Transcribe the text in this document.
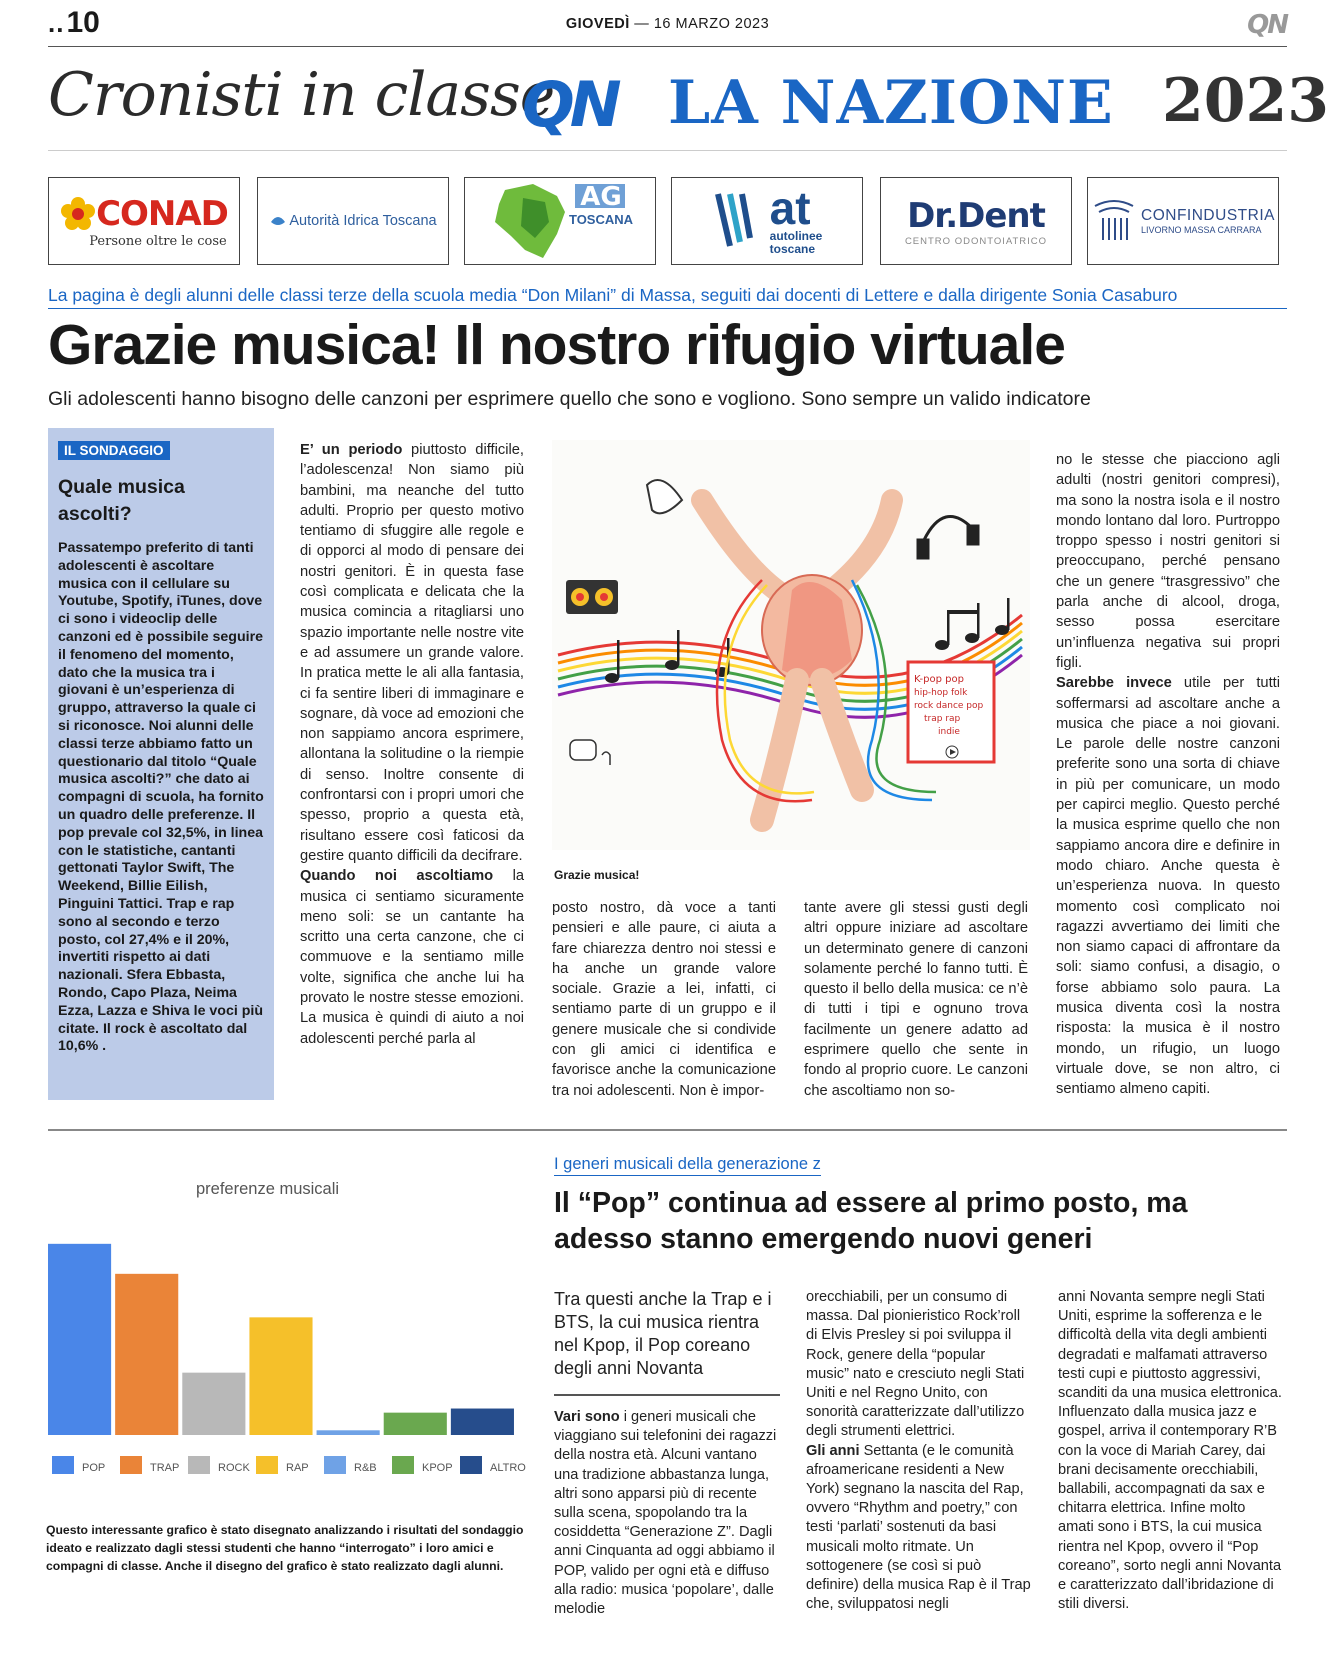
..10	GIOVEDÌ — 16 MARZO 2023	QN
Cronisti in classe
QN LA NAZIONE 2023
CONAD
Persone oltre le cose
Autorità Idrica Toscana
AG
TOSCANA	at
autolinee
toscane
Dr.Dent
CENTRO ODONTOIATRICO
CONFINDUSTRIA
LIVORNO MASSA CARRARA
La pagina è degli alunni delle classi terze della scuola media “Don Milani” di Massa, seguiti dai docenti di Lettere e dalla dirigente Sonia Casaburo
Grazie musica! Il nostro rifugio virtuale
Gli adolescenti hanno bisogno delle canzoni per esprimere quello che sono e vogliono. Sono sempre un valido indicatore
IL SONDAGGIO
Quale musica ascolti?
Passatempo preferito di tanti adolescenti è ascoltare musica con il cellulare su Youtube, Spotify, iTunes, dove ci sono i videoclip delle canzoni ed è possibile seguire il fenomeno del momento, dato che la musica tra i giovani è un’esperienza di gruppo, attraverso la quale ci si riconosce. Noi alunni delle classi terze abbiamo fatto un questionario dal titolo “Quale musica ascolti?” che dato ai compagni di scuola, ha fornito un quadro delle preferenze. Il pop prevale col 32,5%, in linea con le statistiche, cantanti gettonati Taylor Swift, The Weekend, Billie Eilish, Pinguini Tattici. Trap e rap sono al secondo e terzo posto, col 27,4% e il 20%, invertiti rispetto ai dati nazionali. Sfera Ebbasta, Rondo, Capo Plaza, Neima Ezza, Lazza e Shiva le voci più citate. Il rock è ascoltato dal 10,6% .
E’ un periodo piuttosto difficile, l’adolescenza! Non siamo più bambini, ma neanche del tutto adulti. Proprio per questo motivo tentiamo di sfuggire alle regole e di opporci al modo di pensare dei nostri genitori. È in questa fase così complicata e delicata che la musica comincia a ritagliarsi uno spazio importante nelle nostre vite e ad assumere un grande valore. In pratica mette le ali alla fantasia, ci fa sentire liberi di immaginare e sognare, dà voce ad emozioni che non sappiamo ancora esprimere, allontana la solitudine o la riempie di senso. Inoltre consente di confrontarsi con i propri umori che spesso, proprio a questa età, risultano essere così faticosi da gestire quanto difficili da decifrare.
Quando noi ascoltiamo la musica ci sentiamo sicuramente meno soli: se un cantante ha scritto una certa canzone, che ci commuove e la sentiamo mille volte, significa che anche lui ha provato le nostre stesse emozioni. La musica è quindi di aiuto a noi adolescenti perché parla al
K-pop pop
hip-hop folk
rock dance pop
trap rap
indie
Grazie musica!
posto nostro, dà voce a tanti pensieri e alle paure, ci aiuta a fare chiarezza dentro noi stessi e ha anche un grande valore sociale. Grazie a lei, infatti, ci sentiamo parte di un gruppo e il genere musicale che si condivide con gli amici ci identifica e favorisce anche la comunicazione tra noi adolescenti. Non è impor-
tante avere gli stessi gusti degli altri oppure iniziare ad ascoltare un determinato genere di canzoni solamente perché lo fanno tutti. È questo il bello della musica: ce n’è di tutti i tipi e ognuno trova facilmente un genere adatto ad esprimere quello che sente in fondo al proprio cuore. Le canzoni che ascoltiamo non so-
no le stesse che piacciono agli adulti (nostri genitori compresi), ma sono la nostra isola e il nostro mondo lontano dal loro. Purtroppo troppo spesso i nostri genitori si preoccupano, perché pensano che un genere “trasgressivo” che parla anche di alcool, droga, sesso possa esercitare un’influenza negativa sui propri figli.
Sarebbe invece utile per tutti soffermarsi ad ascoltare anche a musica che piace a noi giovani. Le parole delle nostre canzoni preferite sono una sorta di chiave in più per comunicare, un modo per capirci meglio. Questo perché la musica esprime quello che non sappiamo ancora dire e definire in modo chiaro. Anche questa è un’esperienza nuova. In questo momento così complicato noi ragazzi avvertiamo dei limiti che non siamo capaci di affrontare da soli: siamo confusi, a disagio, o forse abbiamo solo paura. La musica diventa così la nostra risposta: la musica è il nostro mondo, un rifugio, un luogo virtuale dove, se non altro, ci sentiamo almeno capiti.
preferenze musicali
POP	TRAP	ROCK	RAP	R&B	KPOP	ALTRO
Questo interessante grafico è stato disegnato analizzando i risultati del sondaggio ideato e realizzato dagli stessi studenti che hanno “interrogato” i loro amici e compagni di classe. Anche il disegno del grafico è stato realizzato dagli alunni.
I generi musicali della generazione z
Il “Pop” continua ad essere al primo posto, ma adesso stanno emergendo nuovi generi
Tra questi anche la Trap e i BTS, la cui musica rientra nel Kpop, il Pop coreano degli anni Novanta
Vari sono i generi musicali che viaggiano sui telefonini dei ragazzi della nostra età. Alcuni vantano una tradizione abbastanza lunga, altri sono apparsi più di recente sulla scena, spopolando tra la cosiddetta “Generazione Z”. Dagli anni Cinquanta ad oggi abbiamo il POP, valido per ogni età e diffuso alla radio: musica ‘popolare’, dalle melodie
orecchiabili, per un consumo di massa. Dal pionieristico Rock’roll di Elvis Presley si poi sviluppa il Rock, genere della “popular music” nato e cresciuto negli Stati Uniti e nel Regno Unito, con sonorità caratterizzate dall’utilizzo degli strumenti elettrici.
Gli anni Settanta (e le comunità afroamericane residenti a New York) segnano la nascita del Rap, ovvero “Rhythm and poetry,” con testi ‘parlati’ sostenuti da basi musicali molto ritmate. Un sottogenere (se così si può definire) della musica Rap è il Trap che, sviluppatosi negli
anni Novanta sempre negli Stati Uniti, esprime la sofferenza e le difficoltà della vita degli ambienti degradati e malfamati attraverso testi cupi e piuttosto aggressivi, scanditi da una musica elettronica. Influenzato dalla musica jazz e gospel, arriva il contemporary R’B con la voce di Mariah Carey, dai brani decisamente orecchiabili, ballabili, accompagnati da sax e chitarra elettrica. Infine molto amati sono i BTS, la cui musica rientra nel Kpop, ovvero il “Pop coreano”, sorto negli anni Novanta e caratterizzato dall’ibridazione di stili diversi.
